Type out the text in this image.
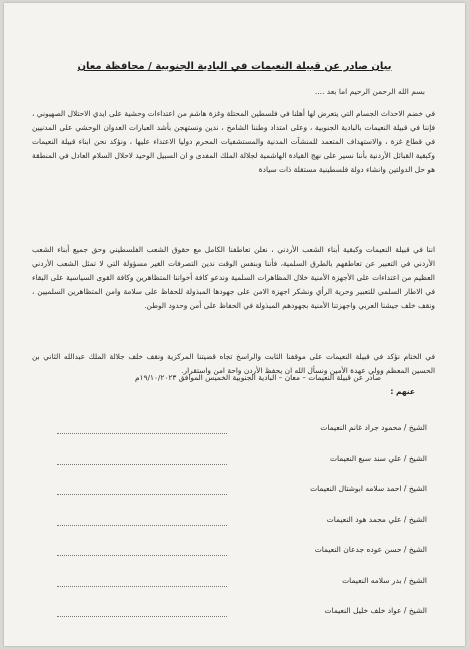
بيان صادر عن قبيلة النعيمات في البادية الجنوبية / محافظة معان
بسم الله الرحمن الرحيم اما بعد ....
في خضم الاحداث الجسام التي يتعرض لها أهلنا في فلسطين المحتلة وغزة هاشم من اعتداءات وحشية على ايدي الاحتلال الصهيوني ، فإننا في قبيلة النعيمات بالبادية الجنوبية ، وعلى امتداد وطننا الشامخ ، ندين ونستهجن بأشد العبارات العدوان الوحشي على المدنيين في قطاع غزة ، والاستهداف المتعمد للمنشآت المدنية والمستشفيات المحرم دوليا الاعتداء عليها ، ونؤكد نحن ابناء قبيلة النعيمات وكبقية القبائل الأردنية بأننا نسير على نهج القيادة الهاشمية لجلالة الملك المفدى و ان السبيل الوحيد لاحلال السلام العادل في المنطقة هو حل الدولتين وانشاء دولة فلسطينية مستقلة ذات سيادة
اننا في قبيلة النعيمات وكبقية أبناء الشعب الأردني ، نعلن تعاطفنا الكامل مع حقوق الشعب الفلسطيني وحق جميع أبناء الشعب الأردني في التعبير عن تعاطفهم بالطرق السلمية، فأننا وبنفس الوقت ندين التصرفات الغير مسؤولة التي لا تمثل الشعب الأردني العظيم من اعتداءات على الأجهزة الأمنية خلال المظاهرات السلمية وندعو كافة أخواننا المتظاهرين وكافة القوى السياسية على البقاء في الاطار السلمي للتعبير وحرية الرأي ونشكر اجهزة الامن على جهودها المبذولة للحفاظ على سلامة وامن المتظاهرين السلميين ، ونقف خلف جيشنا العربي واجهزتنا الأمنية بجهودهم المبذولة في الحفاظ على أمن وحدود الوطن.
في الختام نؤكد في قبيلة النعيمات على موقفنا الثابت والراسخ تجاه قضيتنا المركزية ونقف خلف جلالة الملك عبدالله الثاني بن الحسين المعظم وولي عهدة الأمين ونسأل الله ان يحفظ الأردن واحة امن واستقرار.
صادر عن قبيلة النعيمات – معان – البادية الجنوبية الخميس الموافق ١٩/١٠/٢٠٢٣م
عنهم :
الشيخ / محمود جراد غانم النعيمات
الشيخ / علي سند سبع النعيمات
الشيخ / احمد سلامه ابوشتال النعيمات
الشيخ / علي محمد هود النعيمات
الشيخ / حسن عوده جدعان النعيمات
الشيخ / بدر سلامه النعيمات
الشيخ / عواد خلف خليل النعيمات
